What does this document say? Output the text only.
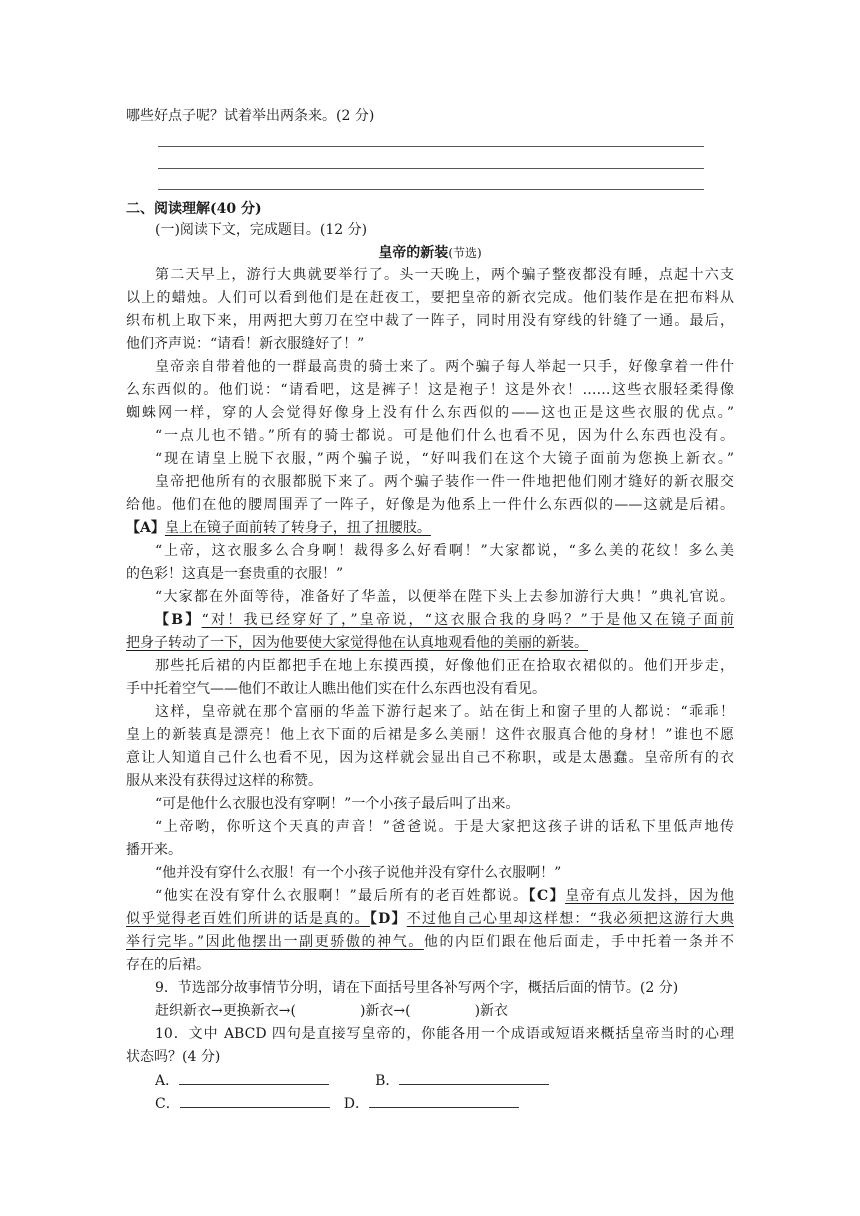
哪些好点子呢？试着举出两条来。(2 分)
二、阅读理解(40 分)
(一)阅读下文，完成题目。(12 分)
皇帝的新装(节选)
第二天早上，游行大典就要举行了。头一天晚上，两个骗子整夜都没有睡，点起十六支
以上的蜡烛。人们可以看到他们是在赶夜工，要把皇帝的新衣完成。他们装作是在把布料从
织布机上取下来，用两把大剪刀在空中裁了一阵子，同时用没有穿线的针缝了一通。最后，
他们齐声说：“请看！新衣服缝好了！”
皇帝亲自带着他的一群最高贵的骑士来了。两个骗子每人举起一只手，好像拿着一件什
么东西似的。他们说：“请看吧，这是裤子！这是袍子！这是外衣！……这些衣服轻柔得像
蜘蛛网一样，穿的人会觉得好像身上没有什么东西似的——这也正是这些衣服的优点。”
“一点儿也不错。”所有的骑士都说。可是他们什么也看不见，因为什么东西也没有。
“现在请皇上脱下衣服，”两个骗子说，“好叫我们在这个大镜子面前为您换上新衣。”
皇帝把他所有的衣服都脱下来了。两个骗子装作一件一件地把他们刚才缝好的新衣服交
给他。他们在他的腰周围弄了一阵子，好像是为他系上一件什么东西似的——这就是后裙。
【A】皇上在镜子面前转了转身子，扭了扭腰肢。
“上帝，这衣服多么合身啊！裁得多么好看啊！”大家都说，“多么美的花纹！多么美
的色彩！这真是一套贵重的衣服！”
“大家都在外面等待，准备好了华盖，以便举在陛下头上去参加游行大典！”典礼官说。
【B】“对！我已经穿好了，”皇帝说，“这衣服合我的身吗？”于是他又在镜子面前
把身子转动了一下，因为他要使大家觉得他在认真地观看他的美丽的新装。
那些托后裙的内臣都把手在地上东摸西摸，好像他们正在拾取衣裙似的。他们开步走，
手中托着空气——他们不敢让人瞧出他们实在什么东西也没有看见。
这样，皇帝就在那个富丽的华盖下游行起来了。站在街上和窗子里的人都说：“乖乖！
皇上的新装真是漂亮！他上衣下面的后裙是多么美丽！这件衣服真合他的身材！”谁也不愿
意让人知道自己什么也看不见，因为这样就会显出自己不称职，或是太愚蠢。皇帝所有的衣
服从来没有获得过这样的称赞。
“可是他什么衣服也没有穿啊！”一个小孩子最后叫了出来。
“上帝哟，你听这个天真的声音！”爸爸说。于是大家把这孩子讲的话私下里低声地传
播开来。
“他并没有穿什么衣服！有一个小孩子说他并没有穿什么衣服啊！”
“他实在没有穿什么衣服啊！”最后所有的老百姓都说。【C】皇帝有点儿发抖，因为他
似乎觉得老百姓们所讲的话是真的。【D】不过他自己心里却这样想：“我必须把这游行大典
举行完毕。”因此他摆出一副更骄傲的神气。他的内臣们跟在他后面走，手中托着一条并不
存在的后裙。
9．节选部分故事情节分明，请在下面括号里各补写两个字，概括后面的情节。(2 分)
赶织新衣→更换新衣→(	)新衣→(	)新衣
10．文中 ABCD 四句是直接写皇帝的，你能各用一个成语或短语来概括皇帝当时的心理
状态吗？(4 分)
A．	B．
C．	D．
